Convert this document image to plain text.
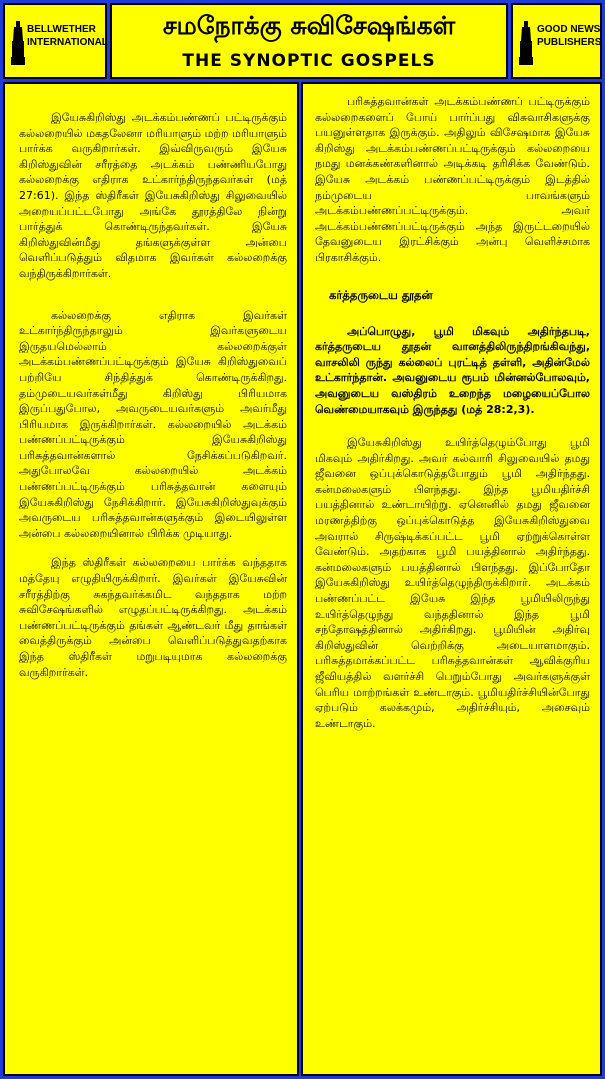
BELLWETHER
INTERNATIONAL
சமநோக்கு சுவிசேஷங்கள்
THE SYNOPTIC GOSPELS
GOOD NEWS
PUBLISHERS

இயேசுகிறிஸ்து அடக்கம்பண்ணப் பட்டிருக்கும் கல்லறையில் மகதலேனா மரியாளும் மற்ற மரியாளும் பார்க்க வருகிறார்கள். இவ்விருவரும் இயேசு கிறிஸ்துவின் சரீரத்தை அடக்கம் பண்ணியபோது கல்லறைக்கு எதிராக உட்கார்ந்திருந்தவர்கள் (மத் 27:61). இந்த ஸ்திரீகள் இயேசுகிறிஸ்து சிலுவையில் அறையப்பட்டபோது அங்கே தூரத்திலே நின்று பார்த்துக் கொண்டிருந்தவர்கள். இயேசு கிறிஸ்துவின்மீது தங்களுக்குள்ள அன்பை வெளிப்படுத்தும் விதமாக இவர்கள் கல்லறைக்கு வந்திருக்கிறார்கள்.

கல்லறைக்கு எதிராக இவர்கள் உட்கார்ந்திருந்தாலும் இவர்களுடைய இருதயமெல்லாம் கல்லறைக்குள் அடக்கம்பண்ணப்பட்டிருக்கும் இயேசு கிறிஸ்துவைப் பற்றியே சிந்தித்துக் கொண்டிருக்கிறது. தம்முடையவர்கள்மீது கிறிஸ்து பிரியமாக இருப்பதுபோல, அவருடையவர்களும் அவர்மீது பிரியமாக இருக்கிறார்கள். கல்லறையில் அடக்கம் பண்ணப்பட்டிருக்கும் இயேசுகிறிஸ்து பரிசுத்தவான்களால் நேசிக்கப்படுகிறவர். அதுபோலவே கல்லறையில் அடக்கம் பண்ணப்பட்டிருக்கும் பரிசுத்தவான் களையும் இயேசுகிறிஸ்து நேசிக்கிறார். இயேசுகிறிஸ்துவுக்கும் அவருடைய பரிசுத்தவான்களுக்கும் இடையிலுள்ள அன்பை கல்லறையினால் பிரிக்க முடியாது.

இந்த ஸ்திரீகள் கல்லறையை பார்க்க வந்ததாக மத்தேயு எழுதியிருக்கிறார். இவர்கள் இயேசுவின் சரீரத்திற்கு சுகந்தவர்க்கமிட வந்ததாக மற்ற சுவிசேஷங்களில் எழுதப்பட்டிருக்கிறது. அடக்கம் பண்ணப்பட்டிருக்கும் தங்கள் ஆண்டவர் மீது தாங்கள் வைத்திருக்கும் அன்பை வெளிப்படுத்துவதற்காக இந்த ஸ்திரீகள் மறுபடியுமாக கல்லறைக்கு வருகிறார்கள்.

பரிசுத்தவான்கள் அடக்கம்பண்ணப் பட்டிருக்கும் கல்லறைகளைப் போய் பார்ப்பது விசுவாசிகளுக்கு பயனுள்ளதாக இருக்கும். அதிலும் விசேஷமாக இயேசு கிறிஸ்து அடக்கம்பண்ணப்பட்டிருக்கும் கல்லறையை நமது மனக்கண்களினால் அடிக்கடி தரிசிக்க வேண்டும். இயேசு அடக்கம் பண்ணப்பட்டிருக்கும் இடத்தில் நம்முடைய பாவங்களும் அடக்கம்பண்ணப்பட்டிருக்கும். அவர் அடக்கம்பண்ணப்பட்டிருக்கும் அந்த இருட்டறையில் தேவனுடைய இரட்சிக்கும் அன்பு வெளிச்சமாக பிரகாசிக்கும்.

கர்த்தருடைய தூதன்

அப்பொழுது, பூமி மிகவும் அதிர்ந்தபடி, கர்த்தருடைய தூதன் வானத்திலிருந்திறங்கிவந்து, வாசலிலி ருந்து கல்லைப் புரட்டித் தள்ளி, அதின்மேல் உட்கார்ந்தான். அவனுடைய ரூபம் மின்னல்போலவும், அவனுடைய வஸ்திரம் உறைந்த மழையைப்போல வெண்மையாகவும் இருந்தது (மத் 28:2,3).

இயேசுகிறிஸ்து உயிர்த்தெழும்போது பூமி மிகவும் அதிர்கிறது. அவர் கல்வாரி சிலுவையில் தமது ஜீவனை ஒப்புக்கொடுத்தபோதும் பூமி அதிர்ந்தது. கன்மலைகளும் பிளந்தது. இந்த பூமியதிர்ச்சி பயத்தினால் உண்டாயிற்று. ஏனெனில் தமது ஜீவனை மரணத்திற்கு ஒப்புக்கொடுத்த இயேசுகிறிஸ்துவை அவரால் சிருஷ்டிக்கப்பட்ட பூமி ஏற்றுக்கொள்ள வேண்டும். அதற்காக பூமி பயத்தினால் அதிர்ந்தது. கன்மலைகளும் பயத்தினால் பிளந்தது. இப்போதோ இயேசுகிறிஸ்து உயிர்த்தெழுந்திருக்கிறார். அடக்கம் பண்ணப்பட்ட இயேசு இந்த பூமியிலிருந்து உயிர்த்தெழுந்து வந்ததினால் இந்த பூமி சந்தோஷத்தினால் அதிர்கிறது. பூமியின் அதிர்வு கிறிஸ்துவின் வெற்றிக்கு அடையாளமாகும். பரிசுத்தமாக்கப்பட்ட பரிசுத்தவான்கள் ஆவிக்குரிய ஜீவியத்தில் வளர்ச்சி பெறும்போது அவர்களுக்குள் பெரிய மாற்றங்கள் உண்டாகும். பூமியதிர்ச்சியின்போது ஏற்படும் கலக்கமும், அதிர்ச்சியும், அசைவும் உண்டாகும்.
